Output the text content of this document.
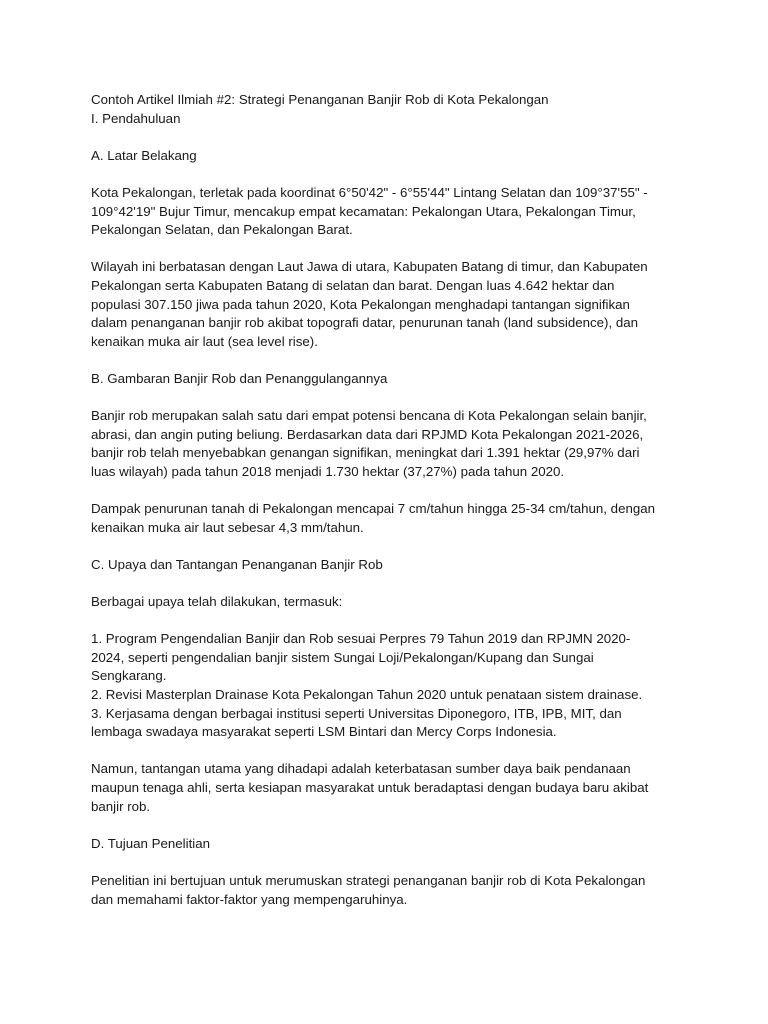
Contoh Artikel Ilmiah #2: Strategi Penanganan Banjir Rob di Kota Pekalongan

I. Pendahuluan

A. Latar Belakang

Kota Pekalongan, terletak pada koordinat 6°50'42" - 6°55'44" Lintang Selatan dan 109°37'55" -
109°42'19" Bujur Timur, mencakup empat kecamatan: Pekalongan Utara, Pekalongan Timur,
Pekalongan Selatan, dan Pekalongan Barat.

Wilayah ini berbatasan dengan Laut Jawa di utara, Kabupaten Batang di timur, dan Kabupaten
Pekalongan serta Kabupaten Batang di selatan dan barat. Dengan luas 4.642 hektar dan
populasi 307.150 jiwa pada tahun 2020, Kota Pekalongan menghadapi tantangan signifikan
dalam penanganan banjir rob akibat topografi datar, penurunan tanah (land subsidence), dan
kenaikan muka air laut (sea level rise).

B. Gambaran Banjir Rob dan Penanggulangannya

Banjir rob merupakan salah satu dari empat potensi bencana di Kota Pekalongan selain banjir,
abrasi, dan angin puting beliung. Berdasarkan data dari RPJMD Kota Pekalongan 2021-2026,
banjir rob telah menyebabkan genangan signifikan, meningkat dari 1.391 hektar (29,97% dari
luas wilayah) pada tahun 2018 menjadi 1.730 hektar (37,27%) pada tahun 2020.

Dampak penurunan tanah di Pekalongan mencapai 7 cm/tahun hingga 25-34 cm/tahun, dengan
kenaikan muka air laut sebesar 4,3 mm/tahun.

C. Upaya dan Tantangan Penanganan Banjir Rob

Berbagai upaya telah dilakukan, termasuk:

1. Program Pengendalian Banjir dan Rob sesuai Perpres 79 Tahun 2019 dan RPJMN 2020-
2024, seperti pengendalian banjir sistem Sungai Loji/Pekalongan/Kupang dan Sungai
Sengkarang.

2. Revisi Masterplan Drainase Kota Pekalongan Tahun 2020 untuk penataan sistem drainase.

3. Kerjasama dengan berbagai institusi seperti Universitas Diponegoro, ITB, IPB, MIT, dan
lembaga swadaya masyarakat seperti LSM Bintari dan Mercy Corps Indonesia.

Namun, tantangan utama yang dihadapi adalah keterbatasan sumber daya baik pendanaan
maupun tenaga ahli, serta kesiapan masyarakat untuk beradaptasi dengan budaya baru akibat
banjir rob.

D. Tujuan Penelitian

Penelitian ini bertujuan untuk merumuskan strategi penanganan banjir rob di Kota Pekalongan
dan memahami faktor-faktor yang mempengaruhinya.
